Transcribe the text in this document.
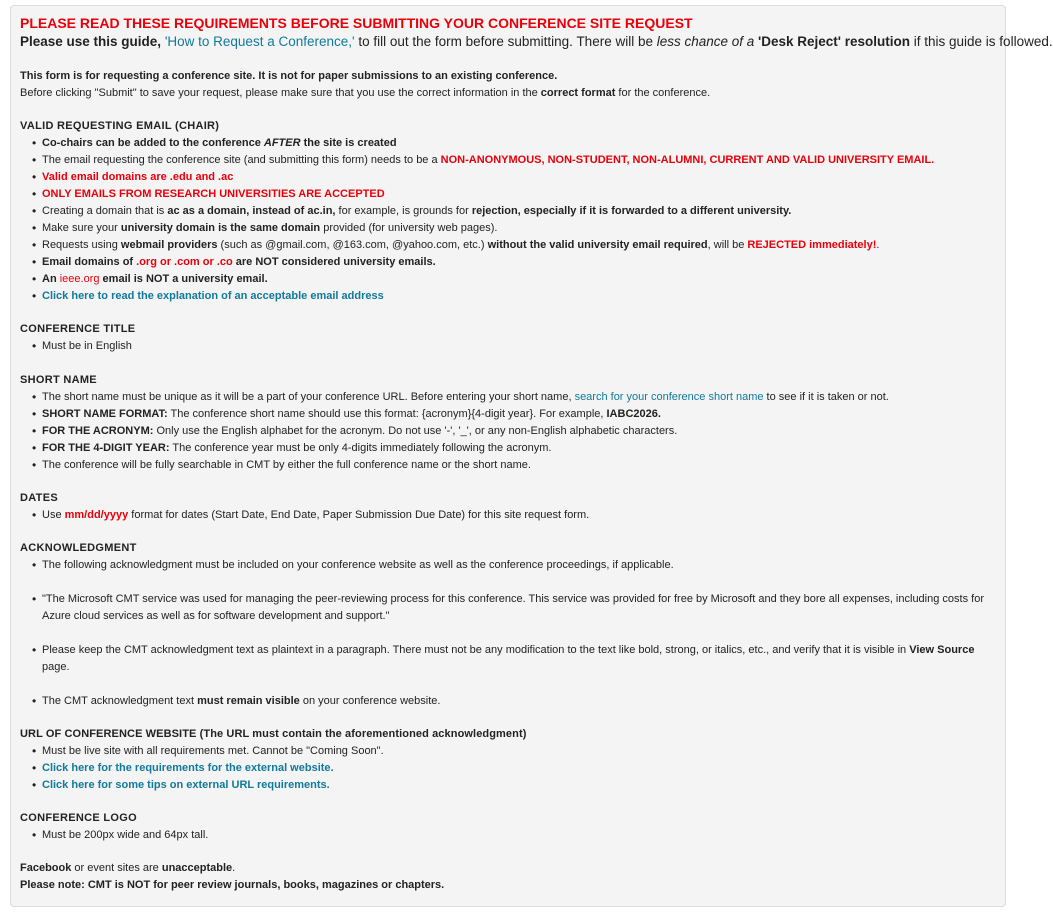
PLEASE READ THESE REQUIREMENTS BEFORE SUBMITTING YOUR CONFERENCE SITE REQUEST
Please use this guide, 'How to Request a Conference,' to fill out the form before submitting. There will be less chance of a 'Desk Reject' resolution if this guide is followed.

This form is for requesting a conference site. It is not for paper submissions to an existing conference.

Before clicking "Submit" to save your request, please make sure that you use the correct information in the correct format for the conference.

VALID REQUESTING EMAIL (CHAIR)

• Co-chairs can be added to the conference AFTER the site is created
• The email requesting the conference site (and submitting this form) needs to be a NON-ANONYMOUS, NON-STUDENT, NON-ALUMNI, CURRENT AND VALID UNIVERSITY EMAIL.
• Valid email domains are .edu and .ac
• ONLY EMAILS FROM RESEARCH UNIVERSITIES ARE ACCEPTED
• Creating a domain that is ac as a domain, instead of ac.in, for example, is grounds for rejection, especially if it is forwarded to a different university.
• Make sure your university domain is the same domain provided (for university web pages).
• Requests using webmail providers (such as @gmail.com, @163.com, @yahoo.com, etc.) without the valid university email required, will be REJECTED immediately!.
• Email domains of .org or .com or .co are NOT considered university emails.
• An ieee.org email is NOT a university email.
• Click here to read the explanation of an acceptable email address

CONFERENCE TITLE

• Must be in English

SHORT NAME

• The short name must be unique as it will be a part of your conference URL. Before entering your short name, search for your conference short name to see if it is taken or not.
• SHORT NAME FORMAT: The conference short name should use this format: {acronym}{4-digit year}. For example, IABC2026.
• FOR THE ACRONYM: Only use the English alphabet for the acronym. Do not use '-', '_', or any non-English alphabetic characters.
• FOR THE 4-DIGIT YEAR: The conference year must be only 4-digits immediately following the acronym.
• The conference will be fully searchable in CMT by either the full conference name or the short name.

DATES

• Use mm/dd/yyyy format for dates (Start Date, End Date, Paper Submission Due Date) for this site request form.

ACKNOWLEDGMENT

• The following acknowledgment must be included on your conference website as well as the conference proceedings, if applicable.
• "The Microsoft CMT service was used for managing the peer-reviewing process for this conference. This service was provided for free by Microsoft and they bore all expenses, including costs for Azure cloud services as well as for software development and support."
• Please keep the CMT acknowledgment text as plaintext in a paragraph. There must not be any modification to the text like bold, strong, or italics, etc., and verify that it is visible in View Source page.
• The CMT acknowledgment text must remain visible on your conference website.

URL OF CONFERENCE WEBSITE (The URL must contain the aforementioned acknowledgment)

• Must be live site with all requirements met. Cannot be "Coming Soon".
• Click here for the requirements for the external website.
• Click here for some tips on external URL requirements.

CONFERENCE LOGO

• Must be 200px wide and 64px tall.

Facebook or event sites are unacceptable.

Please note: CMT is NOT for peer review journals, books, magazines or chapters.
